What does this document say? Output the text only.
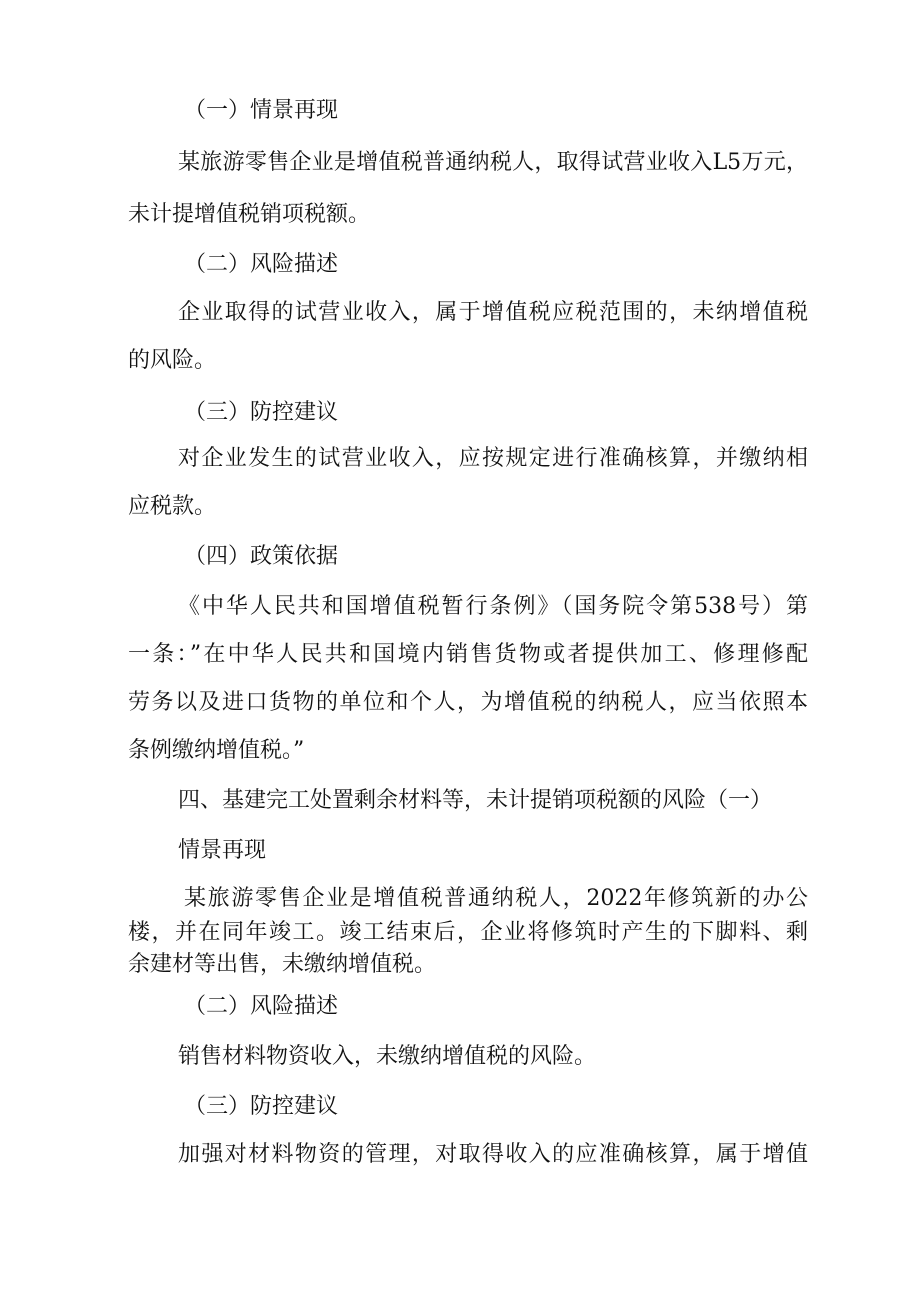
（一）情景再现
某旅游零售企业是增值税普通纳税人，取得试营业收入L5万元，
未计提增值税销项税额。
（二）风险描述
企业取得的试营业收入，属于增值税应税范围的，未纳增值税
的风险。
（三）防控建议
对企业发生的试营业收入，应按规定进行准确核算，并缴纳相
应税款。
（四）政策依据
《中华人民共和国增值税暂行条例》（国务院令第538号）第
一条：”在中华人民共和国境内销售货物或者提供加工、修理修配
劳务以及进口货物的单位和个人，为增值税的纳税人，应当依照本
条例缴纳增值税。”
四、基建完工处置剩余材料等，未计提销项税额的风险（一）
情景再现
某旅游零售企业是增值税普通纳税人，2022年修筑新的办公
楼，并在同年竣工。竣工结束后，企业将修筑时产生的下脚料、剩
余建材等出售，未缴纳增值税。
（二）风险描述
销售材料物资收入，未缴纳增值税的风险。
（三）防控建议
加强对材料物资的管理，对取得收入的应准确核算，属于增值
